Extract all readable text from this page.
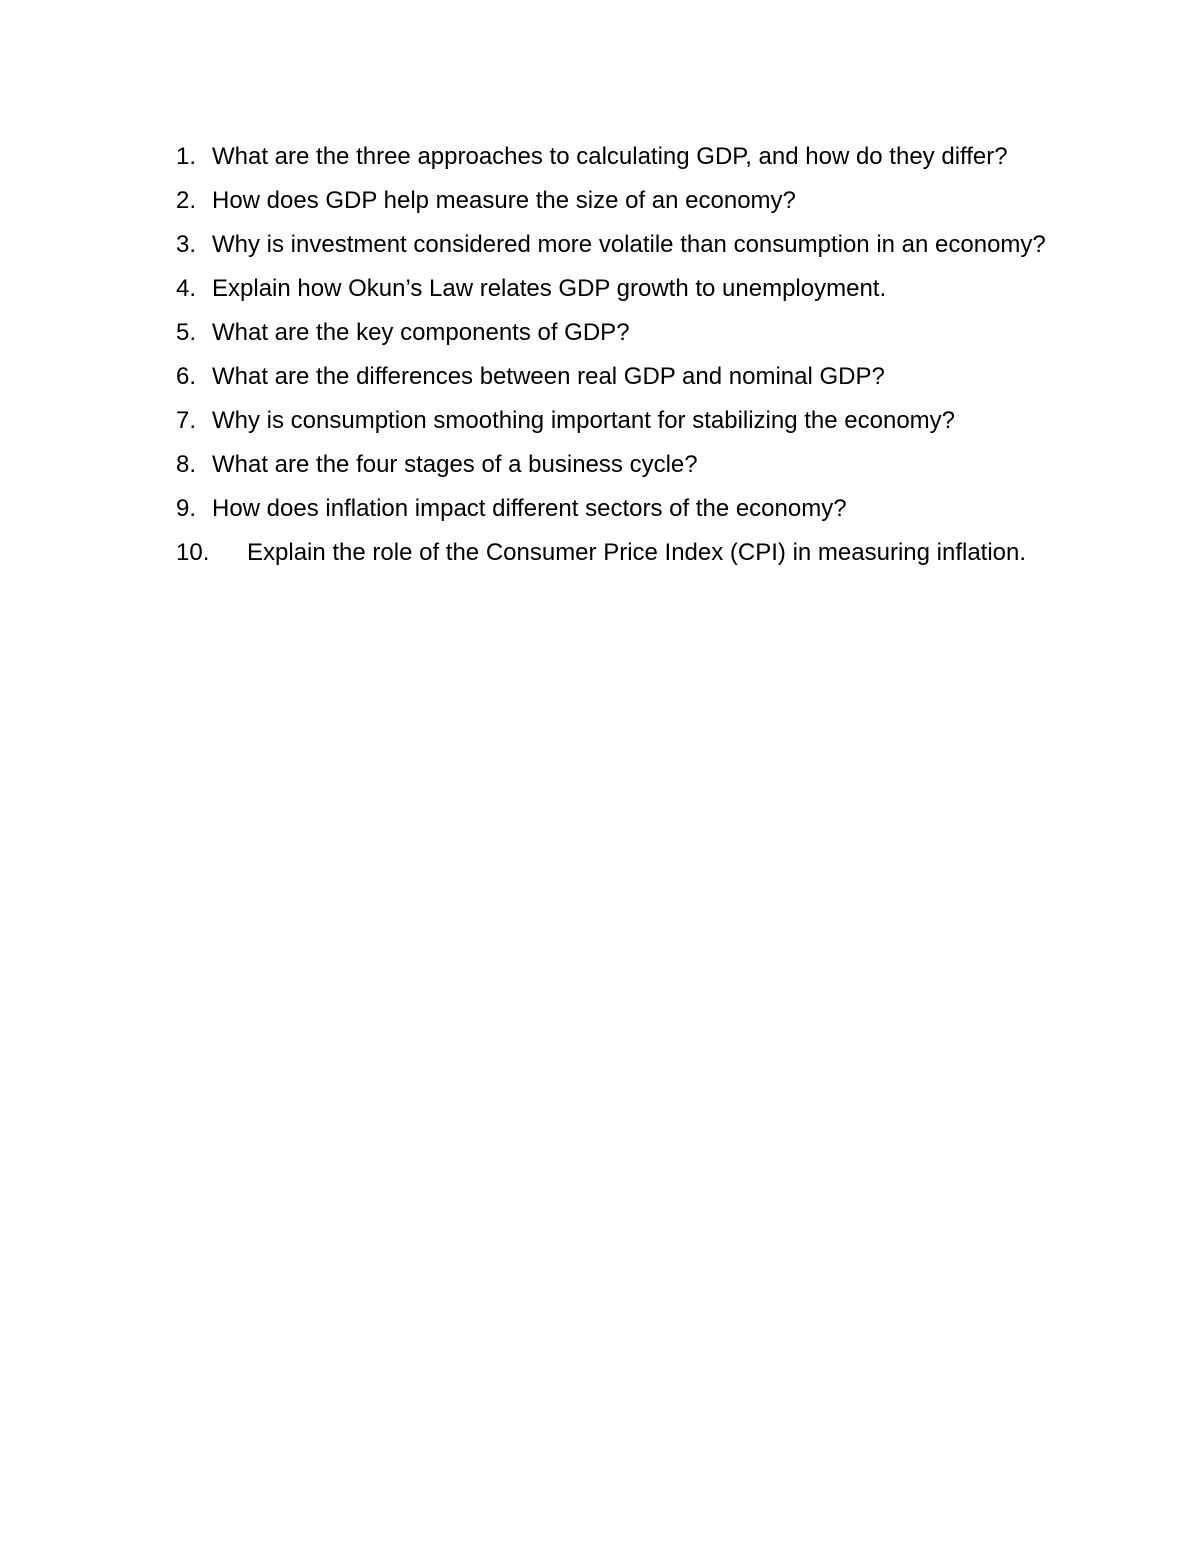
1. What are the three approaches to calculating GDP, and how do they differ?
2. How does GDP help measure the size of an economy?
3. Why is investment considered more volatile than consumption in an economy?
4. Explain how Okun’s Law relates GDP growth to unemployment.
5. What are the key components of GDP?
6. What are the differences between real GDP and nominal GDP?
7. Why is consumption smoothing important for stabilizing the economy?
8. What are the four stages of a business cycle?
9. How does inflation impact different sectors of the economy?
10.	Explain the role of the Consumer Price Index (CPI) in measuring inflation.
